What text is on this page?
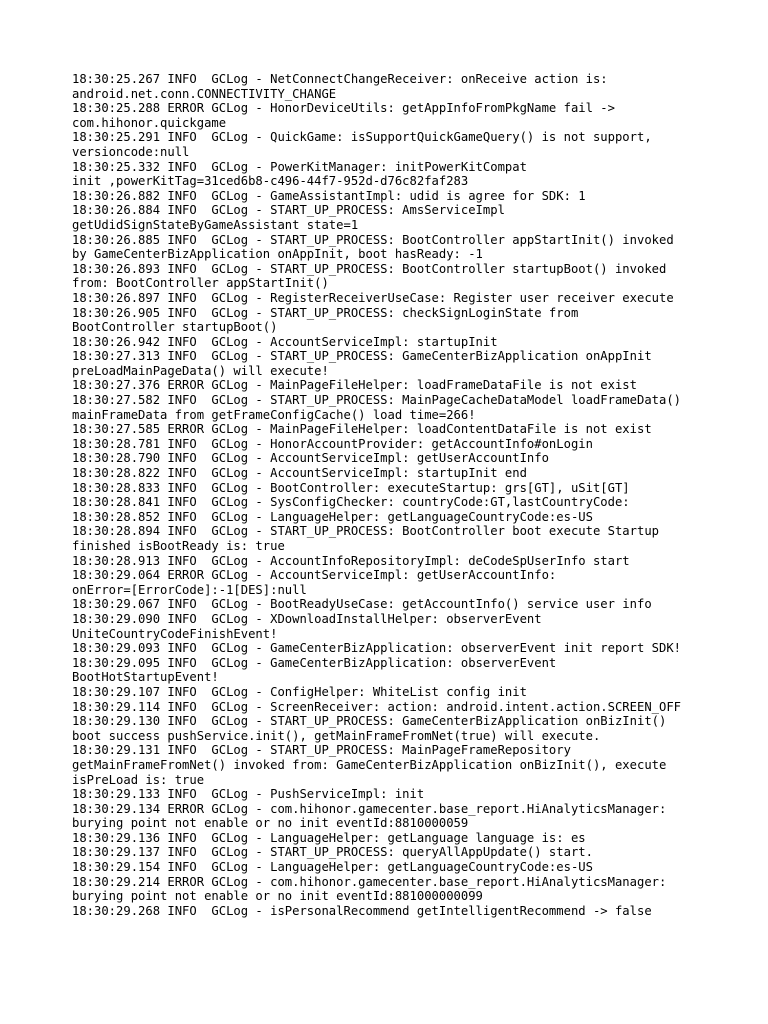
18:30:25.267 INFO  GCLog - NetConnectChangeReceiver: onReceive action is:
android.net.conn.CONNECTIVITY_CHANGE
18:30:25.288 ERROR GCLog - HonorDeviceUtils: getAppInfoFromPkgName fail ->
com.hihonor.quickgame
18:30:25.291 INFO  GCLog - QuickGame: isSupportQuickGameQuery() is not support,
versioncode:null
18:30:25.332 INFO  GCLog - PowerKitManager: initPowerKitCompat
init ,powerKitTag=31ced6b8-c496-44f7-952d-d76c82faf283
18:30:26.882 INFO  GCLog - GameAssistantImpl: udid is agree for SDK: 1
18:30:26.884 INFO  GCLog - START_UP_PROCESS: AmsServiceImpl
getUdidSignStateByGameAssistant state=1
18:30:26.885 INFO  GCLog - START_UP_PROCESS: BootController appStartInit() invoked
by GameCenterBizApplication onAppInit, boot hasReady: -1
18:30:26.893 INFO  GCLog - START_UP_PROCESS: BootController startupBoot() invoked
from: BootController appStartInit()
18:30:26.897 INFO  GCLog - RegisterReceiverUseCase: Register user receiver execute
18:30:26.905 INFO  GCLog - START_UP_PROCESS: checkSignLoginState from
BootController startupBoot()
18:30:26.942 INFO  GCLog - AccountServiceImpl: startupInit
18:30:27.313 INFO  GCLog - START_UP_PROCESS: GameCenterBizApplication onAppInit
preLoadMainPageData() will execute!
18:30:27.376 ERROR GCLog - MainPageFileHelper: loadFrameDataFile is not exist
18:30:27.582 INFO  GCLog - START_UP_PROCESS: MainPageCacheDataModel loadFrameData()
mainFrameData from getFrameConfigCache() load time=266!
18:30:27.585 ERROR GCLog - MainPageFileHelper: loadContentDataFile is not exist
18:30:28.781 INFO  GCLog - HonorAccountProvider: getAccountInfo#onLogin
18:30:28.790 INFO  GCLog - AccountServiceImpl: getUserAccountInfo
18:30:28.822 INFO  GCLog - AccountServiceImpl: startupInit end
18:30:28.833 INFO  GCLog - BootController: executeStartup: grs[GT], uSit[GT]
18:30:28.841 INFO  GCLog - SysConfigChecker: countryCode:GT,lastCountryCode:
18:30:28.852 INFO  GCLog - LanguageHelper: getLanguageCountryCode:es-US
18:30:28.894 INFO  GCLog - START_UP_PROCESS: BootController boot execute Startup
finished isBootReady is: true
18:30:28.913 INFO  GCLog - AccountInfoRepositoryImpl: deCodeSpUserInfo start
18:30:29.064 ERROR GCLog - AccountServiceImpl: getUserAccountInfo:
onError=[ErrorCode]:-1[DES]:null
18:30:29.067 INFO  GCLog - BootReadyUseCase: getAccountInfo() service user info
18:30:29.090 INFO  GCLog - XDownloadInstallHelper: observerEvent
UniteCountryCodeFinishEvent!
18:30:29.093 INFO  GCLog - GameCenterBizApplication: observerEvent init report SDK!
18:30:29.095 INFO  GCLog - GameCenterBizApplication: observerEvent
BootHotStartupEvent!
18:30:29.107 INFO  GCLog - ConfigHelper: WhiteList config init
18:30:29.114 INFO  GCLog - ScreenReceiver: action: android.intent.action.SCREEN_OFF
18:30:29.130 INFO  GCLog - START_UP_PROCESS: GameCenterBizApplication onBizInit()
boot success pushService.init(), getMainFrameFromNet(true) will execute.
18:30:29.131 INFO  GCLog - START_UP_PROCESS: MainPageFrameRepository
getMainFrameFromNet() invoked from: GameCenterBizApplication onBizInit(), execute
isPreLoad is: true
18:30:29.133 INFO  GCLog - PushServiceImpl: init
18:30:29.134 ERROR GCLog - com.hihonor.gamecenter.base_report.HiAnalyticsManager:
burying point not enable or no init eventId:8810000059
18:30:29.136 INFO  GCLog - LanguageHelper: getLanguage language is: es
18:30:29.137 INFO  GCLog - START_UP_PROCESS: queryAllAppUpdate() start.
18:30:29.154 INFO  GCLog - LanguageHelper: getLanguageCountryCode:es-US
18:30:29.214 ERROR GCLog - com.hihonor.gamecenter.base_report.HiAnalyticsManager:
burying point not enable or no init eventId:881000000099
18:30:29.268 INFO  GCLog - isPersonalRecommend getIntelligentRecommend -> false
